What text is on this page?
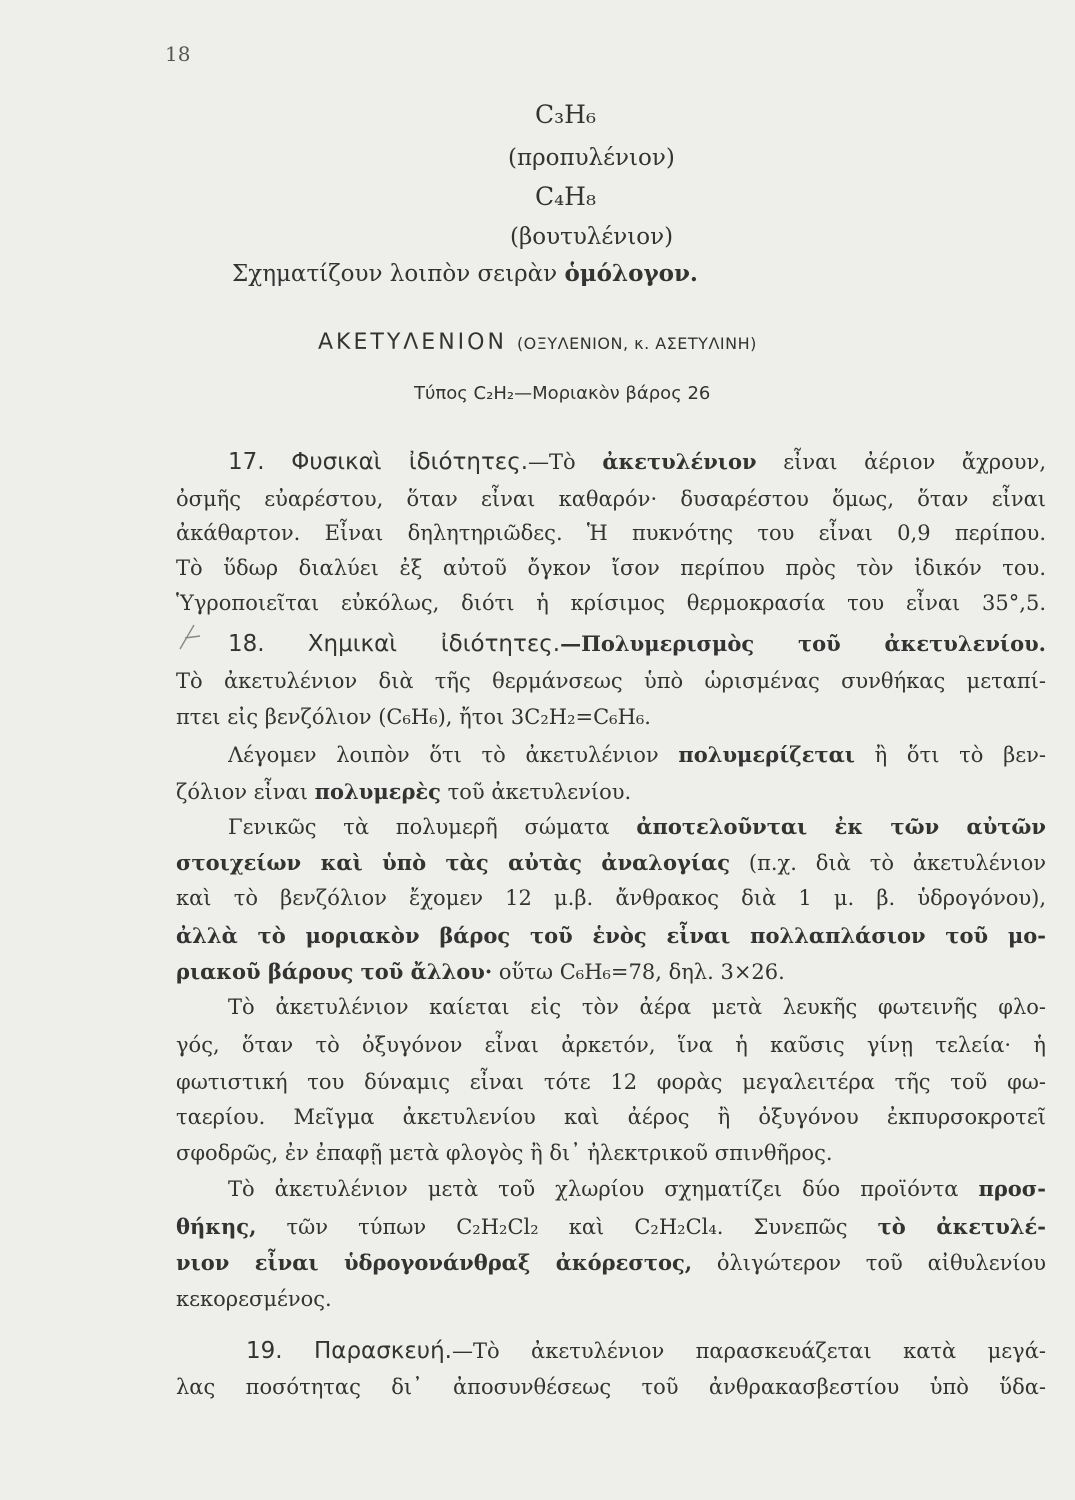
18
C₃H₆
(προπυλένιον)
C₄H₈
(βουτυλένιον)
Σχηματίζουν λοιπὸν σειρὰν ὁμόλογον.
ΑΚΕΤΥΛΕΝΙΟΝ (ΟΞΥΛΕΝΙΟΝ, κ. ΑΣΕΤΥΛΙΝΗ)
Τύπος C₂H₂—Μοριακὸν βάρος 26
17. Φυσικαὶ ἰδιότητες.—Τὸ ἀκετυλένιον εἶναι ἀέριον ἄχρουν,
ὀσμῆς εὐαρέστου, ὅταν εἶναι καθαρόν· δυσαρέστου ὅμως, ὅταν εἶναι
ἀκάθαρτον. Εἶναι δηλητηριῶδες. Ἡ πυκνότης του εἶναι 0,9 περίπου.
Τὸ ὕδωρ διαλύει ἐξ αὐτοῦ ὄγκον ἴσον περίπου πρὸς τὸν ἰδικόν του.
Ὑγροποιεῖται εὐκόλως, διότι ἡ κρίσιμος θερμοκρασία του εἶναι 35°,5.
18. Χημικαὶ ἰδιότητες.—Πολυμερισμὸς τοῦ ἀκετυλενίου.
Τὸ ἀκετυλένιον διὰ τῆς θερμάνσεως ὑπὸ ὡρισμένας συνθήκας μεταπί-
πτει εἰς βενζόλιον (C₆H₆), ἤτοι 3C₂H₂=C₆H₆.
Λέγομεν λοιπὸν ὅτι τὸ ἀκετυλένιον πολυμερίζεται ἢ ὅτι τὸ βεν-
ζόλιον εἶναι πολυμερὲς τοῦ ἀκετυλενίου.
Γενικῶς τὰ πολυμερῆ σώματα ἀποτελοῦνται ἐκ τῶν αὐτῶν
στοιχείων καὶ ὑπὸ τὰς αὐτὰς ἀναλογίας (π.χ. διὰ τὸ ἀκετυλένιον
καὶ τὸ βενζόλιον ἔχομεν 12 μ.β. ἄνθρακος διὰ 1 μ. β. ὑδρογόνου),
ἀλλὰ τὸ μοριακὸν βάρος τοῦ ἑνὸς εἶναι πολλαπλάσιον τοῦ μο-
ριακοῦ βάρους τοῦ ἄλλου· οὕτω C₆H₆=78, δηλ. 3×26.
Τὸ ἀκετυλένιον καίεται εἰς τὸν ἀέρα μετὰ λευκῆς φωτεινῆς φλο-
γός, ὅταν τὸ ὀξυγόνον εἶναι ἀρκετόν, ἵνα ἡ καῦσις γίνῃ τελεία· ἡ
φωτιστική του δύναμις εἶναι τότε 12 φορὰς μεγαλειτέρα τῆς τοῦ φω-
ταερίου. Μεῖγμα ἀκετυλενίου καὶ ἀέρος ἢ ὀξυγόνου ἐκπυρσοκροτεῖ
σφοδρῶς, ἐν ἐπαφῇ μετὰ φλογὸς ἢ δι᾽ ἠλεκτρικοῦ σπινθῆρος.
Τὸ ἀκετυλένιον μετὰ τοῦ χλωρίου σχηματίζει δύο προϊόντα προσ-
θήκης, τῶν τύπων C₂H₂Cl₂ καὶ C₂H₂Cl₄. Συνεπῶς τὸ ἀκετυλέ-
νιον εἶναι ὑδρογονάνθραξ ἀκόρεστος, ὀλιγώτερον τοῦ αἰθυλενίου
κεκορεσμένος.
19. Παρασκευή.—Τὸ ἀκετυλένιον παρασκευάζεται κατὰ μεγά-
λας ποσότητας δι᾽ ἀποσυνθέσεως τοῦ ἀνθρακασβεστίου ὑπὸ ὕδα-
